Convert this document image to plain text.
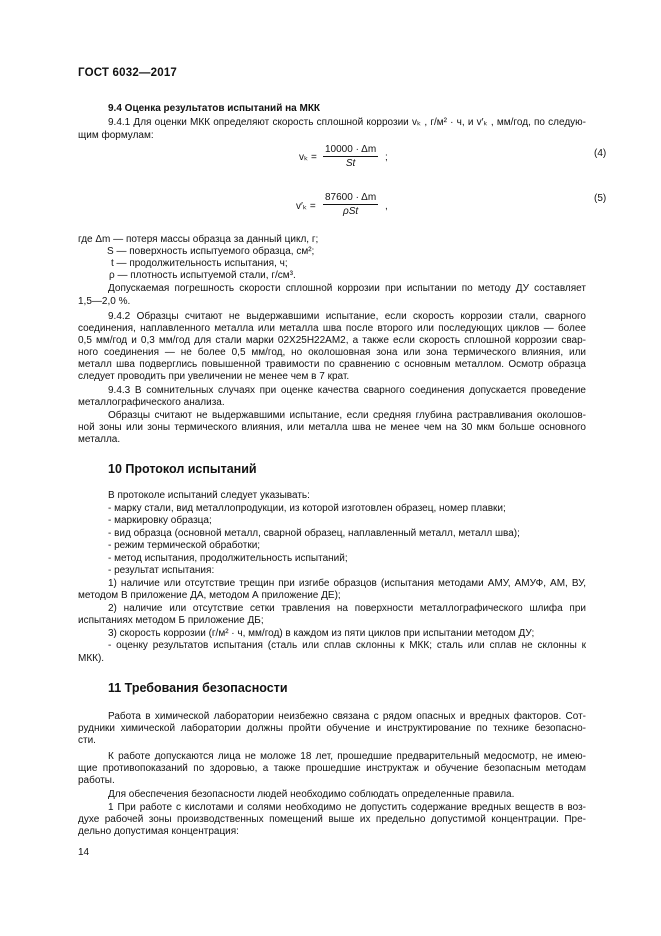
ГОСТ 6032—2017
9.4 Оценка результатов испытаний на МКК
9.4.1 Для оценки МКК определяют скорость сплошной коррозии vₖ , г/м² · ч, и v′ₖ , мм/год, по следую-
щим формулам:
$v_k = \frac{10000 \cdot \Delta m}{St}$ ;	(4)
v′ₖ =
87600 · Δm
ρSt	,
(5)
где Δm — потеря массы образца за данный цикл, г;
S — поверхность испытуемого образца, см²;
t — продолжительность испытания, ч;
ρ — плотность испытуемой стали, г/см³.
Допускаемая погрешность скорости сплошной коррозии при испытании по методу ДУ составляет
1,5—2,0 %.
9.4.2 Образцы считают не выдержавшими испытание, если скорость коррозии стали, сварного
соединения, наплавленного металла или металла шва после второго или последующих циклов — более
0,5 мм/год и 0,3 мм/год для стали марки 02Х25Н22АМ2, а также если скорость сплошной коррозии свар-
ного соединения — не более 0,5 мм/год, но околошовная зона или зона термического влияния, или
металл шва подверглись повышенной травимости по сравнению с основным металлом. Осмотр образца
следует проводить при увеличении не менее чем в 7 крат.
9.4.3 В сомнительных случаях при оценке качества сварного соединения допускается проведение
металлографического анализа.
Образцы считают не выдержавшими испытание, если средняя глубина растравливания околошов-
ной зоны или зоны термического влияния, или металла шва не менее чем на 30 мкм больше основного
металла.
10 Протокол испытаний
В протоколе испытаний следует указывать:
- марку стали, вид металлопродукции, из которой изготовлен образец, номер плавки;
- маркировку образца;
- вид образца (основной металл, сварной образец, наплавленный металл, металл шва);
- режим термической обработки;
- метод испытания, продолжительность испытаний;
- результат испытания:
1) наличие или отсутствие трещин при изгибе образцов (испытания методами АМУ, АМУФ, АМ, ВУ,
методом В приложение ДА, методом А приложение ДЕ);
2) наличие или отсутствие сетки травления на поверхности металлографического шлифа при
испытаниях методом Б приложение ДБ;
3) скорость коррозии (г/м² · ч, мм/год) в каждом из пяти циклов при испытании методом ДУ;
- оценку результатов испытания (сталь или сплав склонны к МКК; сталь или сплав не склонны к
МКК).
11 Требования безопасности
Работа в химической лаборатории неизбежно связана с рядом опасных и вредных факторов. Сот-
рудники химической лаборатории должны пройти обучение и инструктирование по технике безопасно-
сти.
К работе допускаются лица не моложе 18 лет, прошедшие предварительный медосмотр, не имею-
щие противопоказаний по здоровью, а также прошедшие инструктаж и обучение безопасным методам
работы.
Для обеспечения безопасности людей необходимо соблюдать определенные правила.
1 При работе с кислотами и солями необходимо не допустить содержание вредных веществ в воз-
духе рабочей зоны производственных помещений выше их предельно допустимой концентрации. Пре-
дельно допустимая концентрация:
14
